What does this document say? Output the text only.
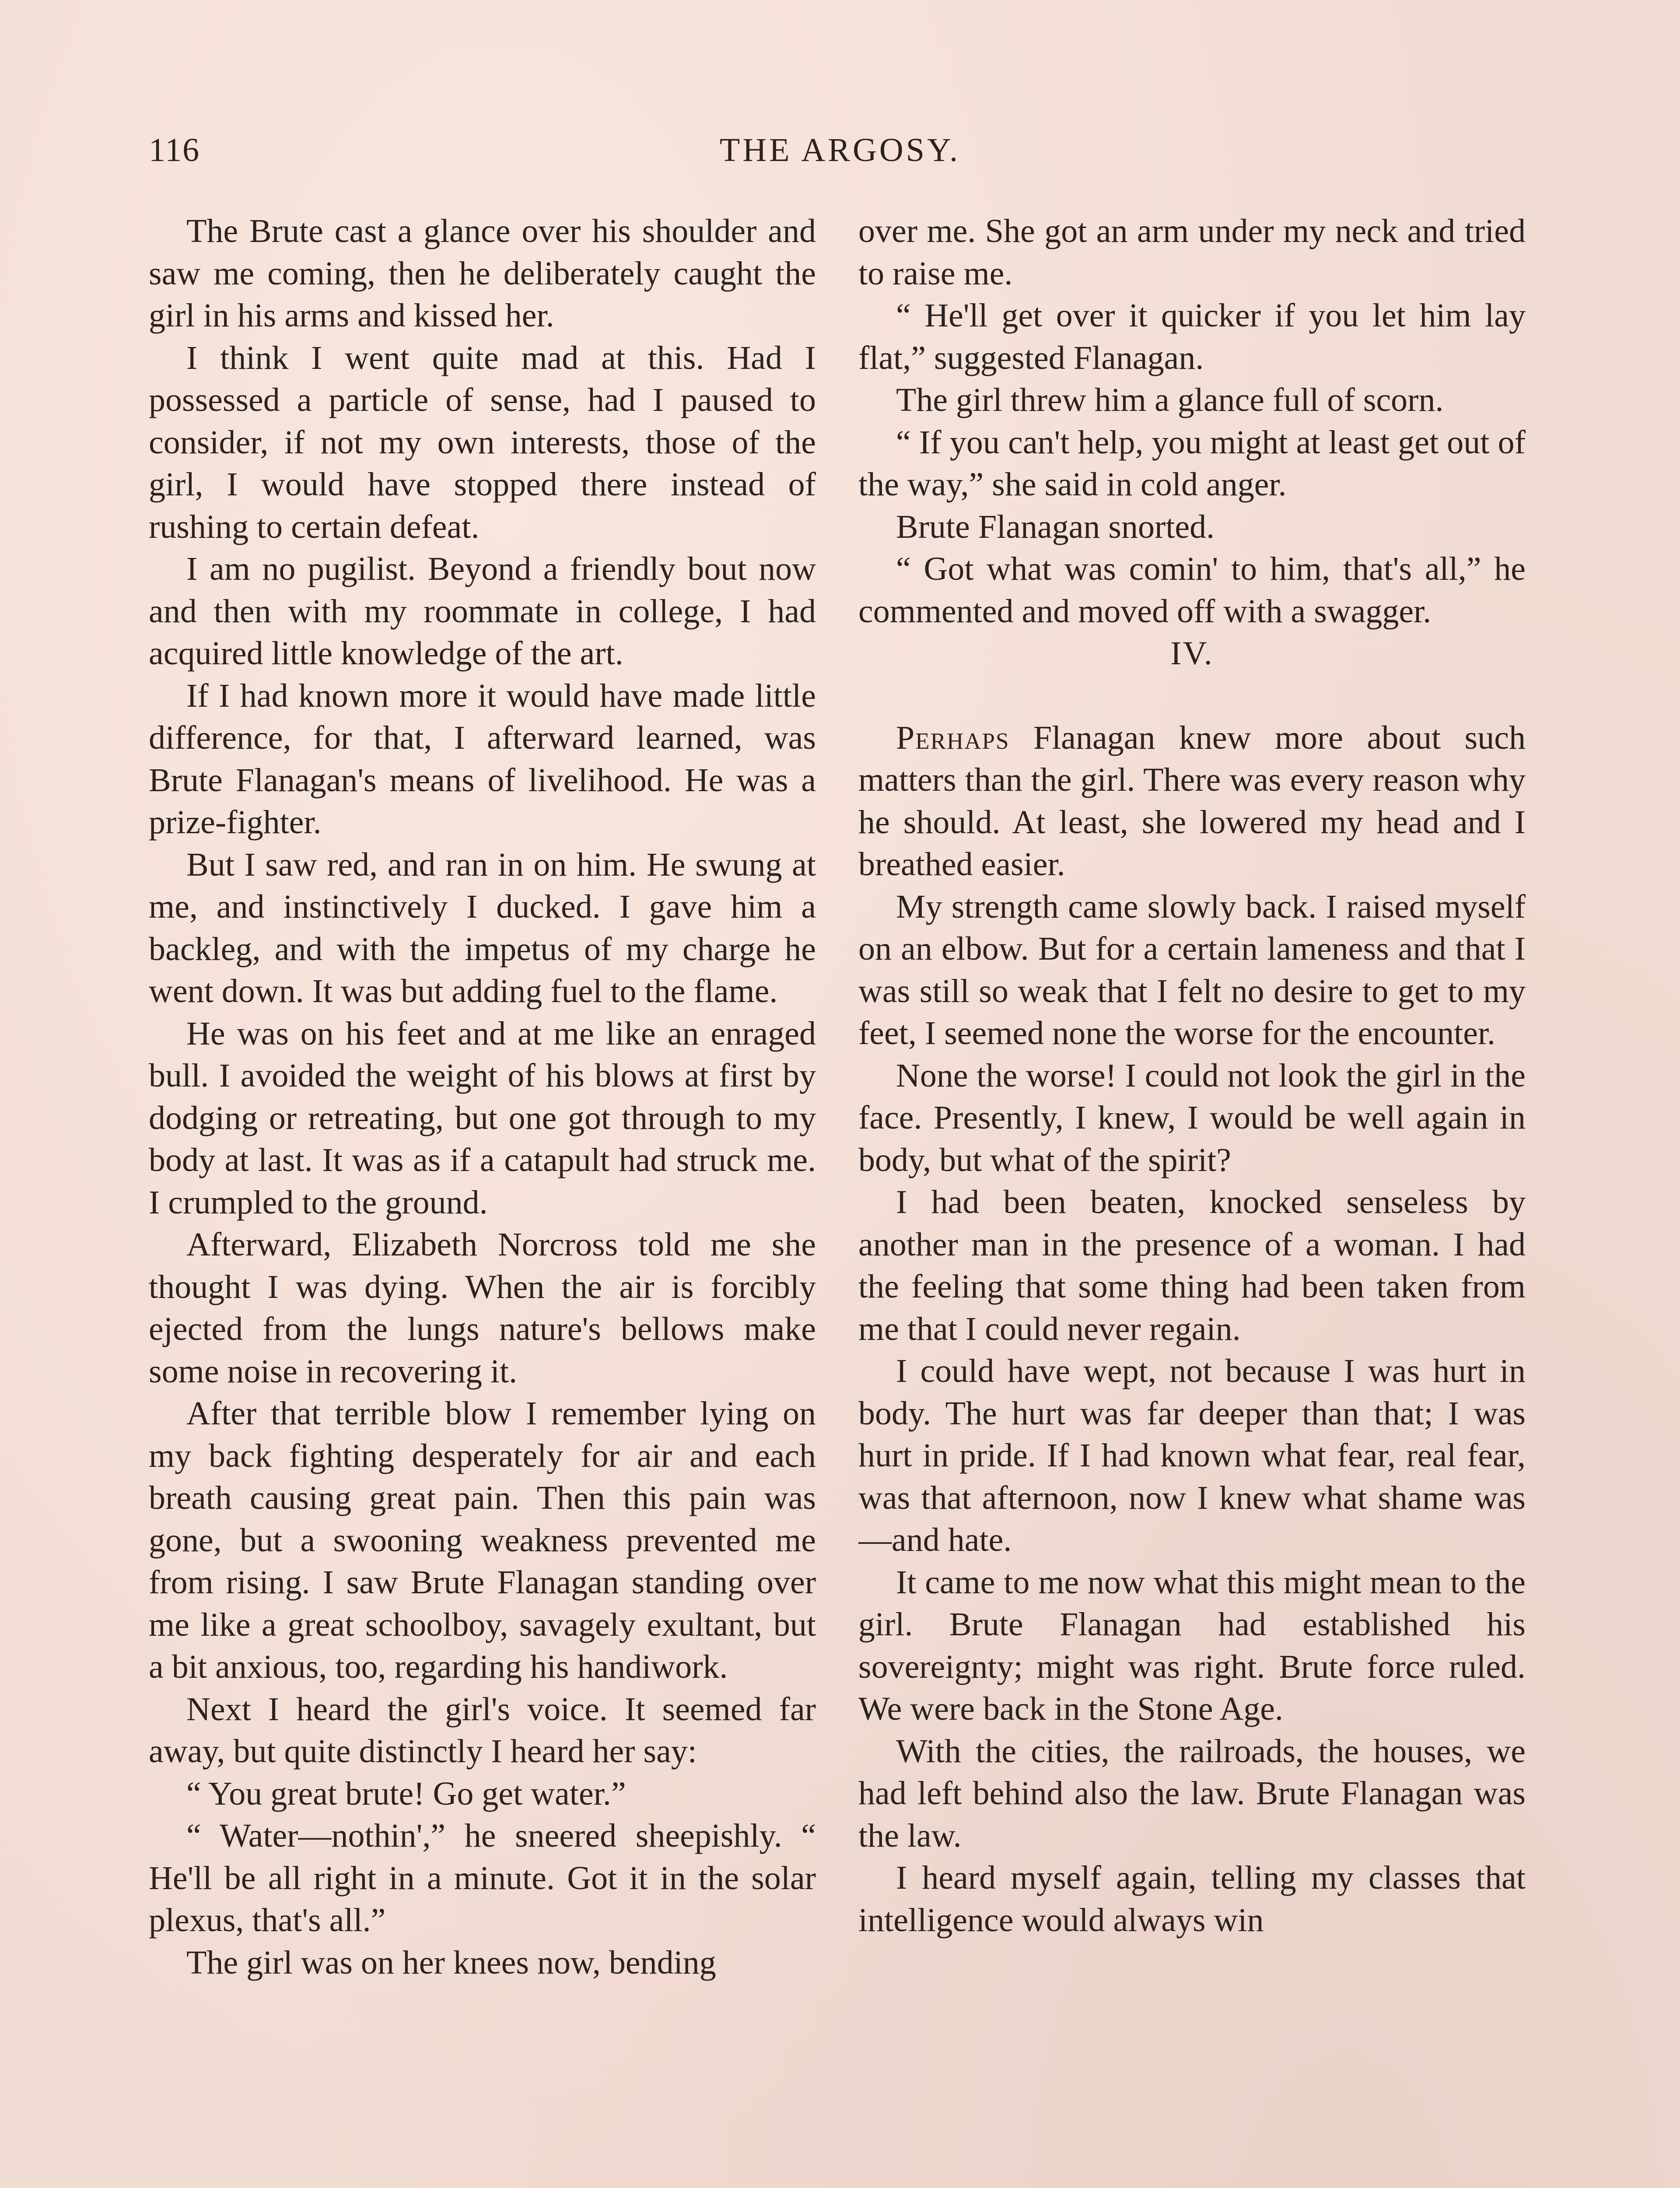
116	THE ARGOSY.

The Brute cast a glance over his shoulder and saw me coming, then he deliberately caught the girl in his arms and kissed her.

I think I went quite mad at this. Had I possessed a particle of sense, had I paused to consider, if not my own interests, those of the girl, I would have stopped there instead of rushing to certain defeat.

I am no pugilist. Beyond a friendly bout now and then with my roommate in college, I had acquired little knowledge of the art.

If I had known more it would have made little difference, for that, I afterward learned, was Brute Flanagan's means of livelihood. He was a prize-fighter.

But I saw red, and ran in on him. He swung at me, and instinctively I ducked. I gave him a backleg, and with the impetus of my charge he went down. It was but adding fuel to the flame.

He was on his feet and at me like an enraged bull. I avoided the weight of his blows at first by dodging or retreating, but one got through to my body at last. It was as if a catapult had struck me. I crumpled to the ground.

Afterward, Elizabeth Norcross told me she thought I was dying. When the air is forcibly ejected from the lungs nature's bellows make some noise in recovering it.

After that terrible blow I remember lying on my back fighting desperately for air and each breath causing great pain. Then this pain was gone, but a swooning weakness prevented me from rising. I saw Brute Flanagan standing over me like a great schoolboy, savagely exultant, but a bit anxious, too, regarding his handiwork.

Next I heard the girl's voice. It seemed far away, but quite distinctly I heard her say:

“ You great brute! Go get water.”

“ Water—nothin',” he sneered sheepishly. “ He'll be all right in a minute. Got it in the solar plexus, that's all.”

The girl was on her knees now, bending

over me. She got an arm under my neck and tried to raise me.

“ He'll get over it quicker if you let him lay flat,” suggested Flanagan.

The girl threw him a glance full of scorn.

“ If you can't help, you might at least get out of the way,” she said in cold anger.

Brute Flanagan snorted.

“ Got what was comin' to him, that's all,” he commented and moved off with a swagger.

IV.

Perhaps Flanagan knew more about such matters than the girl. There was every reason why he should. At least, she lowered my head and I breathed easier.

My strength came slowly back. I raised myself on an elbow. But for a certain lameness and that I was still so weak that I felt no desire to get to my feet, I seemed none the worse for the encounter.

None the worse! I could not look the girl in the face. Presently, I knew, I would be well again in body, but what of the spirit?

I had been beaten, knocked senseless by another man in the presence of a woman. I had the feeling that some thing had been taken from me that I could never regain.

I could have wept, not because I was hurt in body. The hurt was far deeper than that; I was hurt in pride. If I had known what fear, real fear, was that afternoon, now I knew what shame was—and hate.

It came to me now what this might mean to the girl. Brute Flanagan had established his sovereignty; might was right. Brute force ruled. We were back in the Stone Age.

With the cities, the railroads, the houses, we had left behind also the law. Brute Flanagan was the law.

I heard myself again, telling my classes that intelligence would always win
